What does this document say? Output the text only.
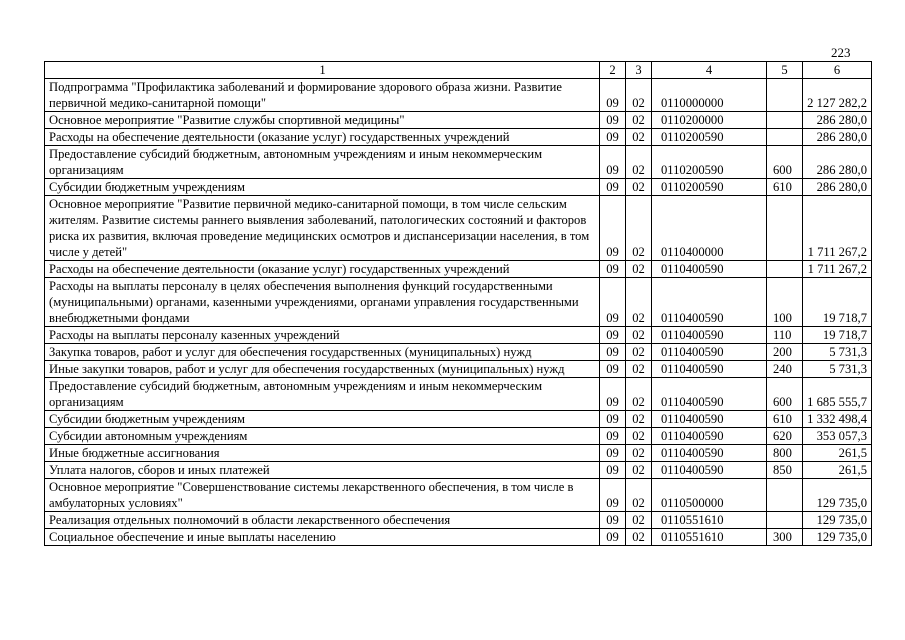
223
1	2	3	4	5	6
Подпрограмма "Профилактика заболеваний и формирование здорового образа жизни. Развитие первичной медико-санитарной помощи"	09	02	0110000000		2 127 282,2
Основное мероприятие "Развитие службы спортивной медицины"	09	02	0110200000		286 280,0
Расходы на обеспечение деятельности (оказание услуг) государственных учреждений	09	02	0110200590		286 280,0
Предоставление субсидий бюджетным, автономным учреждениям и иным некоммерческим организациям	09	02	0110200590	600	286 280,0
Субсидии бюджетным учреждениям	09	02	0110200590	610	286 280,0
Основное мероприятие "Развитие первичной медико-санитарной помощи, в том числе сельским жителям. Развитие системы раннего выявления заболеваний, патологических состояний и факторов риска их развития, включая проведение медицинских осмотров и диспансеризации населения, в том числе у детей"	09	02	0110400000		1 711 267,2
Расходы на обеспечение деятельности (оказание услуг) государственных учреждений	09	02	0110400590		1 711 267,2
Расходы на выплаты персоналу в целях обеспечения выполнения функций государственными (муниципальными) органами, казенными учреждениями, органами управления государственными внебюджетными фондами	09	02	0110400590	100	19 718,7
Расходы на выплаты персоналу казенных учреждений	09	02	0110400590	110	19 718,7
Закупка товаров, работ и услуг для обеспечения государственных (муниципальных) нужд	09	02	0110400590	200	5 731,3
Иные закупки товаров, работ и услуг для обеспечения государственных (муниципальных) нужд	09	02	0110400590	240	5 731,3
Предоставление субсидий бюджетным, автономным учреждениям и иным некоммерческим организациям	09	02	0110400590	600	1 685 555,7
Субсидии бюджетным учреждениям	09	02	0110400590	610	1 332 498,4
Субсидии автономным учреждениям	09	02	0110400590	620	353 057,3
Иные бюджетные ассигнования	09	02	0110400590	800	261,5
Уплата налогов, сборов и иных платежей	09	02	0110400590	850	261,5
Основное мероприятие "Совершенствование системы лекарственного обеспечения, в том числе в амбулаторных условиях"	09	02	0110500000		129 735,0
Реализация отдельных полномочий в области лекарственного обеспечения	09	02	0110551610		129 735,0
Социальное обеспечение и иные выплаты населению	09	02	0110551610	300	129 735,0
